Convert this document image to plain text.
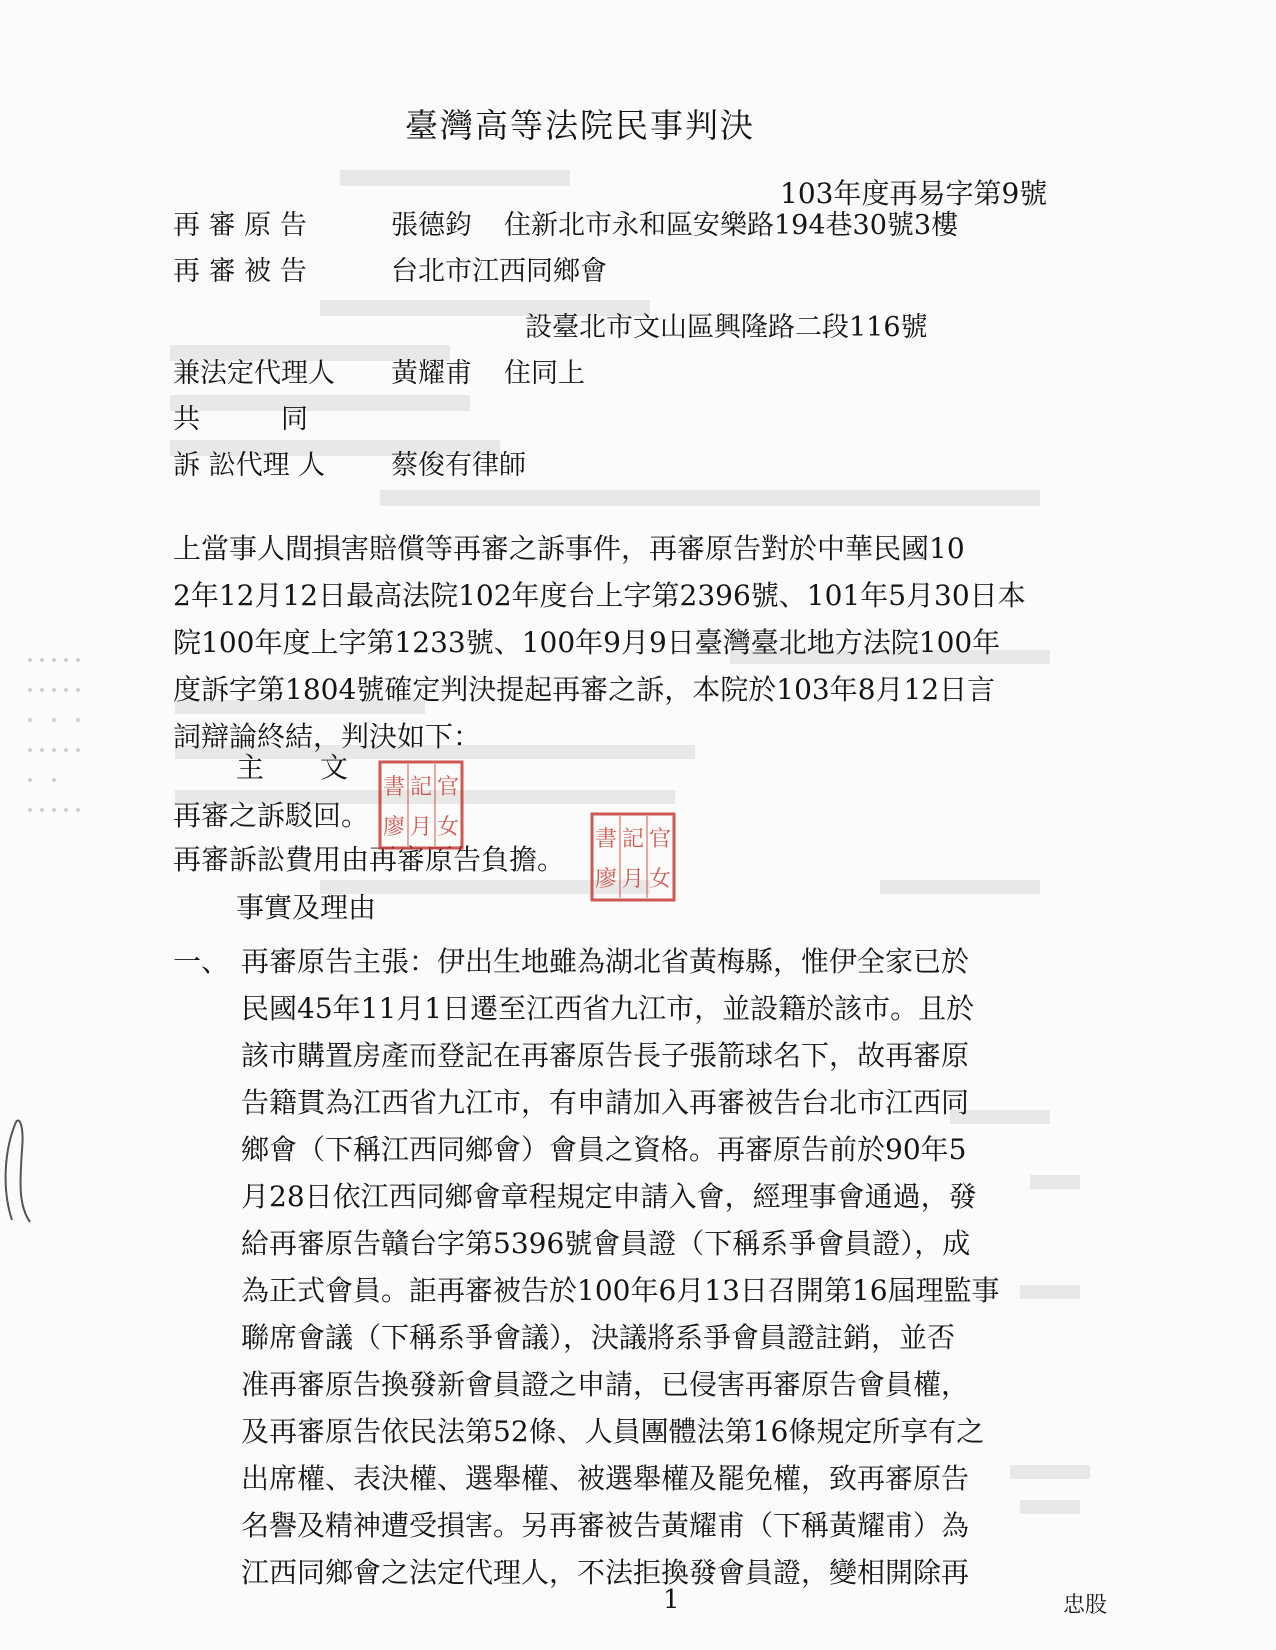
臺灣高等法院民事判決
103年度再易字第9號
再 審 原 告	張德鈞 住新北市永和區安樂路194巷30號3樓
再 審 被 告	台北市江西同鄉會
設臺北市文山區興隆路二段116號
兼法定代理人 黃耀甫 住同上
共　　　同
訴 訟代理 人 蔡俊有律師

上當事人間損害賠償等再審之訴事件，再審原告對於中華民國10

2年12月12日最高法院102年度台上字第2396號、101年5月30日本

院100年度上字第1233號、100年9月9日臺灣臺北地方法院100年

度訴字第1804號確定判決提起再審之訴，本院於103年8月12日言

詞辯論終結，判決如下：

主　　文
再審之訴駁回。
再審訴訟費用由再審原告負擔。
事實及理由
書 記 官
廖 月 女	書 記 官
廖 月 女

一、 再審原告主張：伊出生地雖為湖北省黃梅縣，惟伊全家已於

民國45年11月1日遷至江西省九江市，並設籍於該市。且於

該市購置房產而登記在再審原告長子張箭球名下，故再審原

告籍貫為江西省九江市，有申請加入再審被告台北市江西同

鄉會（下稱江西同鄉會）會員之資格。再審原告前於90年5

月28日依江西同鄉會章程規定申請入會，經理事會通過，發

給再審原告贛台字第5396號會員證（下稱系爭會員證），成

為正式會員。詎再審被告於100年6月13日召開第16屆理監事

聯席會議（下稱系爭會議），決議將系爭會員證註銷，並否

准再審原告換發新會員證之申請，已侵害再審原告會員權，

及再審原告依民法第52條、人員團體法第16條規定所享有之

出席權、表決權、選舉權、被選舉權及罷免權，致再審原告

名譽及精神遭受損害。另再審被告黃耀甫（下稱黃耀甫）為

江西同鄉會之法定代理人，不法拒換發會員證，變相開除再

1	忠股
